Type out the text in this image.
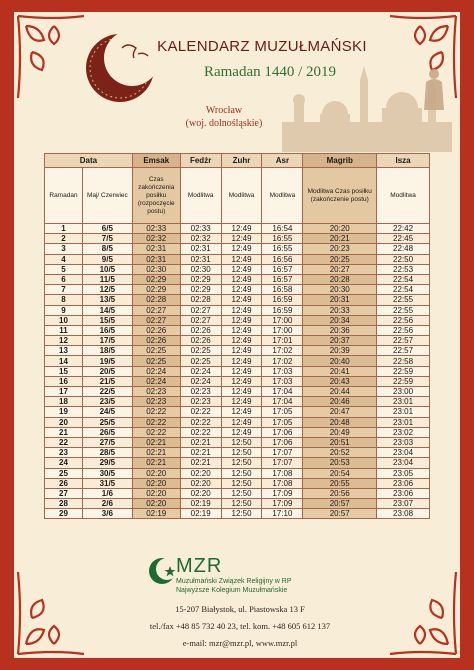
KALENDARZ MUZUŁMAŃSKI
Ramadan 1440 / 2019
Wrocław
(woj. dolnośląskie)
Data		Emsak	Fedżr	Zuhr	Asr	Magrib	Isza
Ramadan	Maj/ Czerwiec	Czas zakończenia posiłku (rozpoczęcie postu)	Modlitwa	Modlitwa	Modlitwa	Modlitwa Czas posiłku (zakończenie postu)	Modlitwa
1	6/5	02:33	02:33	12:49	16:54	20:20	22:42
2	7/5	02:32	02:32	12:49	16:55	20:21	22:45
3	8/5	02:31	02:31	12:49	16:55	20:23	22:48
4	9/5	02:31	02:31	12:49	16:56	20:25	22:50
5	10/5	02:30	02:30	12:49	16:57	20:27	22:53
6	11/5	02:29	02:29	12:49	16:57	20:28	22:54
7	12/5	02:29	02:29	12:49	16:58	20:30	22:54
8	13/5	02:28	02:28	12:49	16:59	20:31	22:55
9	14/5	02:27	02:27	12:49	16:59	20:33	22:55
10	15/5	02:27	02:27	12:49	17:00	20:34	22:56
11	16/5	02:26	02:26	12:49	17:00	20:36	22:56
12	17/5	02:26	02:26	12:49	17:01	20:37	22:57
13	18/5	02:25	02:25	12:49	17:02	20:39	22:57
14	19/5	02:25	02:25	12:49	17:02	20:40	22:58
15	20/5	02:24	02:24	12:49	17:03	20:41	22:59
16	21/5	02:24	02:24	12:49	17:03	20:43	22:59
17	22/5	02:23	02:23	12:49	17:04	20:44	23:00
18	23/5	02:23	02:23	12:49	17:04	20:46	23:01
19	24/5	02:22	02:22	12:49	17:05	20:47	23:01
20	25/5	02:22	02:22	12:49	17:05	20:48	23:01
21	26/5	02:22	02:22	12:49	17:06	20:49	23:02
22	27/5	02:21	02:21	12:50	17:06	20:51	23:03
23	28/5	02:21	02:21	12:50	17:07	20:52	23:04
24	29/5	02:21	02:21	12:50	17:07	20:53	23:04
25	30/5	02:20	02:20	12:50	17:08	20:54	23:05
26	31/5	02:20	02:20	12:50	17:08	20:55	23:06
27	1/6	02:20	02:20	12:50	17:09	20:56	23:06
28	2/6	02:20	02:19	12:50	17:09	20:57	23:07
29	3/6	02:19	02:19	12:50	17:10	20:57	23:08
MZR
Muzułmański Związek Religijny w RP
Najwyższe Kolegium Muzułmańskie
15-207 Białystok, ul. Piastowska 13 F
tel./fax +48 85 732 40 23, tel. kom. +48 605 612 137
e-mail: mzr@mzr.pl, www.mzr.pl
